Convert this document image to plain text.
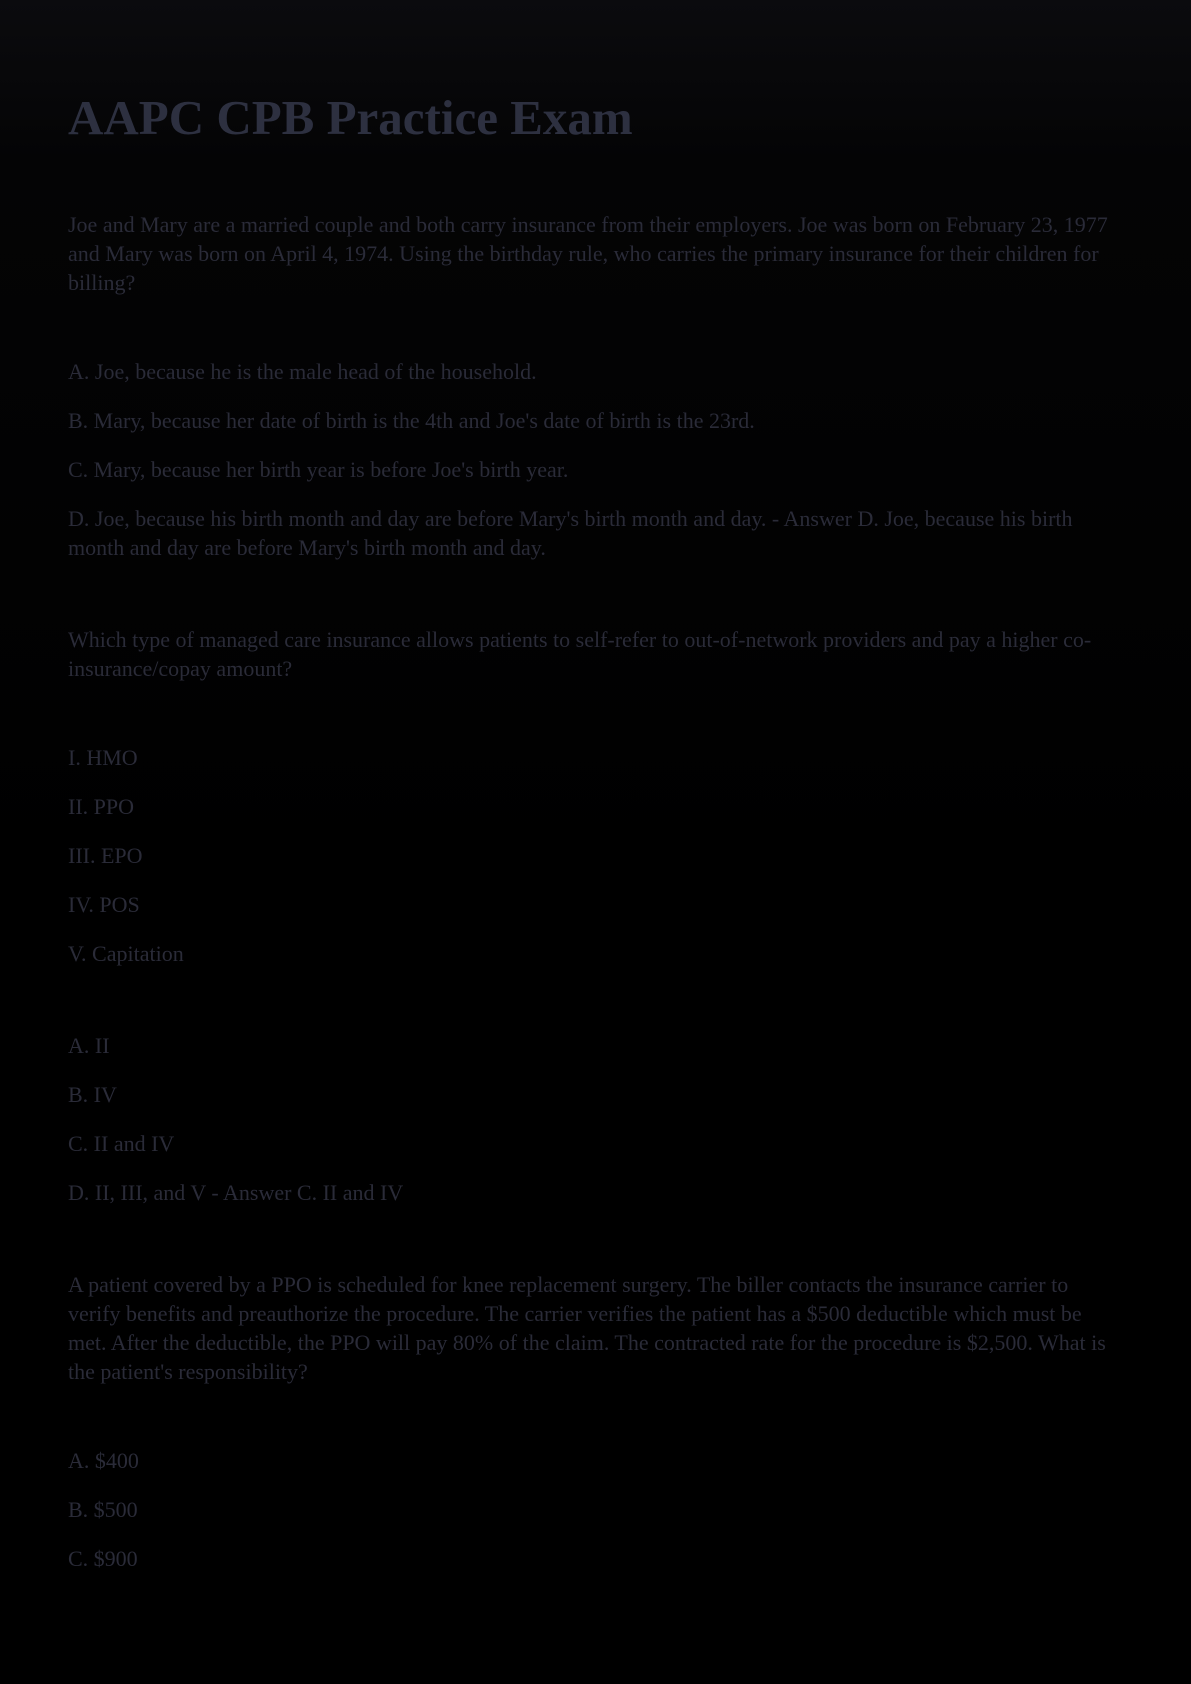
AAPC CPB Practice Exam

Joe and Mary are a married couple and both carry insurance from their employers. Joe was born on February 23, 1977 and Mary was born on April 4, 1974. Using the birthday rule, who carries the primary insurance for their children for billing?

A. Joe, because he is the male head of the household.

B. Mary, because her date of birth is the 4th and Joe's date of birth is the 23rd.

C. Mary, because her birth year is before Joe's birth year.

D. Joe, because his birth month and day are before Mary's birth month and day. - Answer D. Joe, because his birth month and day are before Mary's birth month and day.

Which type of managed care insurance allows patients to self-refer to out-of-network providers and pay a higher co-insurance/copay amount?

I. HMO

II. PPO

III. EPO

IV. POS

V. Capitation

A. II

B. IV

C. II and IV

D. II, III, and V - Answer C. II and IV

A patient covered by a PPO is scheduled for knee replacement surgery. The biller contacts the insurance carrier to verify benefits and preauthorize the procedure. The carrier verifies the patient has a $500 deductible which must be met. After the deductible, the PPO will pay 80% of the claim. The contracted rate for the procedure is $2,500. What is the patient's responsibility?

A. $400

B. $500

C. $900
